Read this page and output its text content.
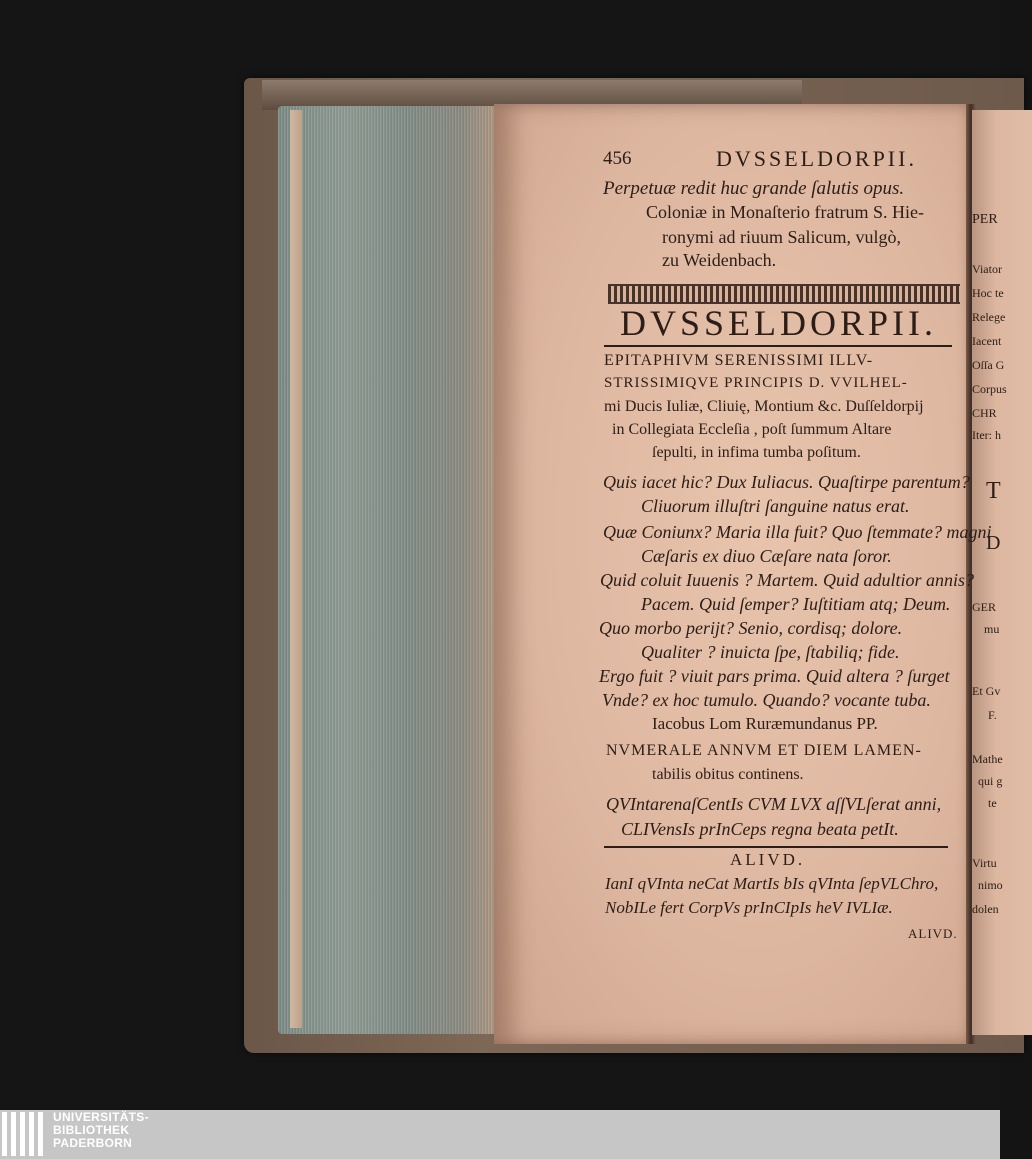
PER
Viator
Hoc te
Relege
Iacent
Oſſa G
Corpus
CHR
Iter: h
T
D
GER
mu
Et Gv
F.
Mathe
qui g
te
Virtu
nimo
dolen
456	DVSSELDORPII.
Perpetuæ redit huc grande ſalutis opus.
Coloniæ in Monaſterio fratrum S. Hie-
ronymi ad riuum Salicum, vulgò,
zu Weidenbach.
DVSSELDORPII.
EPITAPHIVM SERENISSIMI ILLV-
STRISSIMIQVE PRINCIPIS D. VVILHEL-
mi Ducis Iuliæ, Cliuię, Montium &c. Duſſeldorpij
in Collegiata Eccleſia , poſt ſummum Altare
ſepulti, in infima tumba poſitum.
Quis iacet hic? Dux Iuliacus. Quaſtirpe parentum?
Cliuorum illuſtri ſanguine natus erat.
Quæ Coniunx? Maria illa fuit? Quo ſtemmate? magni
Cæſaris ex diuo Cæſare nata ſoror.
Quid coluit Iuuenis ? Martem. Quid adultior annis?
Pacem. Quid ſemper? Iuſtitiam atq; Deum.
Quo morbo perijt? Senio, cordisq; dolore.
Qualiter ? inuicta ſpe, ſtabiliq; fide.
Ergo fuit ? viuit pars prima. Quid altera ? ſurget
Vnde? ex hoc tumulo. Quando? vocante tuba.
Iacobus Lom Ruræmundanus PP.
NVMERALE ANNVM ET DIEM LAMEN-
tabilis obitus continens.
QVIntarenaſCentIs CVM LVX aſſVLſerat anni,
CLIVensIs prInCeps regna beata petIt.
ALIVD.
IanI qVInta neCat MartIs bIs qVInta ſepVLChro,
NobILe fert CorpVs prInCIpIs heV IVLIæ.
ALIVD.
UNIVERSITÄTS-
BIBLIOTHEK
PADERBORN
